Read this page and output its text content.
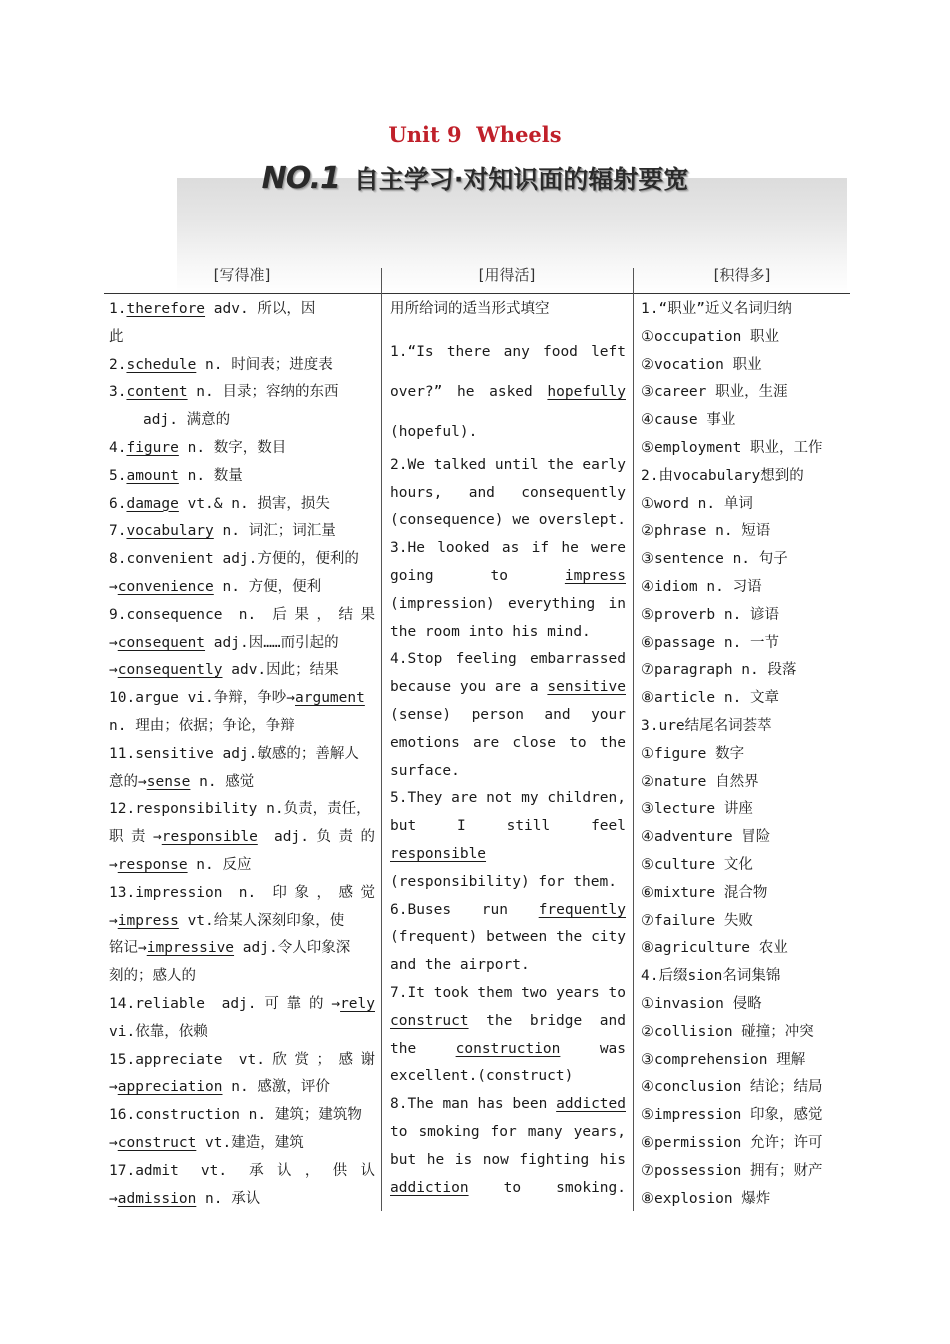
Unit 9  Wheels
NO.1 自主学习·对知识面的辐射要宽
[写得准]	[用得活]	[积得多]

1.therefore adv. 所以，因

此

2.schedule n. 时间表；进度表

3.content n. 目录；容纳的东西

adj. 满意的

4.figure n. 数字，数目

5.amount n. 数量

6.damage vt.& n. 损害，损失

7.vocabulary n. 词汇；词汇量

8.convenient adj.方便的，便利的

→convenience n. 方便，便利

9.consequence n. 后果，结果

→consequent adj.因……而引起的

→consequently adv.因此；结果

10.argue vi.争辩，争吵→argument

n. 理由；依据；争论，争辩

11.sensitive adj.敏感的；善解人

意的→sense n. 感觉

12.responsibility n.负责，责任，

职责→responsible adj.负责的

→response n. 反应

13.impression n. 印象，感觉

→impress vt.给某人深刻印象，使

铭记→impressive adj.令人印象深

刻的；感人的

14.reliable adj.可靠的→rely

vi.依靠，依赖

15.appreciate vt.欣赏；感谢

→appreciation n. 感激，评价

16.construction n. 建筑；建筑物

→construct vt.建造，建筑

17.admit vt. 承认，供认

→admission n. 承认

用所给词的适当形式填空

1.“Is there any food left

over?” he asked hopefully

(hopeful).

2.We talked until the early

hours, and consequently

(consequence) we overslept.

3.He looked as if he were

going to impress

(impression) everything in

the room into his mind.

4.Stop feeling embarrassed

because you are a sensitive

(sense) person and your

emotions are close to the

surface.

5.They are not my children,

but I still feel

responsible

(responsibility) for them.

6.Buses run frequently

(frequent) between the city

and the airport.

7.It took them two years to

construct the bridge and

the construction was

excellent.(construct)

8.The man has been addicted

to smoking for many years,

but he is now fighting his

addiction to smoking.

1.“职业”近义名词归纳

①occupation 职业

②vocation 职业

③career 职业，生涯

④cause 事业

⑤employment 职业，工作

2.由vocabulary想到的

①word n. 单词

②phrase n. 短语

③sentence n. 句子

④idiom n. 习语

⑤proverb n. 谚语

⑥passage n. 一节

⑦paragraph n. 段落

⑧article n. 文章

3.ure结尾名词荟萃

①figure 数字

②nature 自然界

③lecture 讲座

④adventure 冒险

⑤culture 文化

⑥mixture 混合物

⑦failure 失败

⑧agriculture 农业

4.后缀sion名词集锦

①invasion 侵略

②collision 碰撞；冲突

③comprehension 理解

④conclusion 结论；结局

⑤impression 印象，感觉

⑥permission 允许；许可

⑦possession 拥有；财产

⑧explosion 爆炸
